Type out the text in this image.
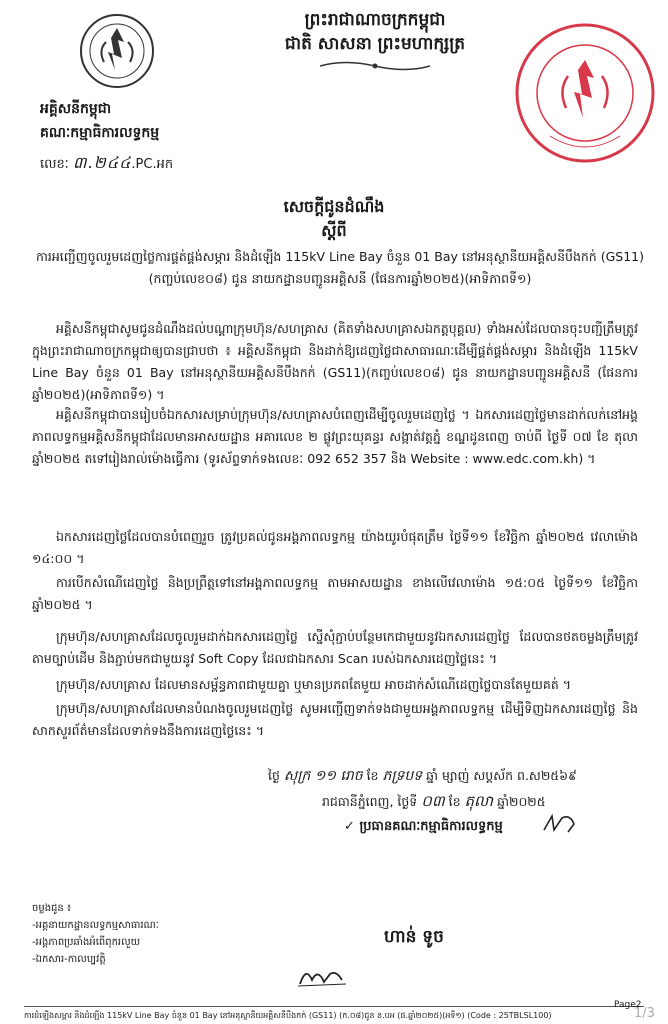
អគ្គិសនីកម្ពុជា
គណៈកម្មាធិការលទ្ធកម្ម
លេខៈ ៣.២៤៤.PC.អក
ព្រះរាជាណាចក្រកម្ពុជា
ជាតិ សាសនា ព្រះមហាក្សត្រ
សេចក្តីជូនដំណឹង
ស្តីពី
ការអញ្ជើញចូលរួមដេញថ្លៃការផ្គត់ផ្គង់សម្ភារ និងដំឡើង 115kV Line Bay ចំនួន 01 Bay នៅអនុស្ថានីយអគ្គិសនីបឹងកក់ (GS11)(កញ្ចប់លេខ០៨) ជូន នាយកដ្ឋានបញ្ជូនអគ្គិសនី (ផែនការឆ្នាំ២០២៥)(អាទិភាពទី១)
អគ្គិសនីកម្ពុជាសូមជូនដំណឹងដល់បណ្តាក្រុមហ៊ុន/សហគ្រាស (គិតទាំងសហគ្រាសឯកត្តបុគ្គល) ទាំងអស់ដែលបានចុះបញ្ជីត្រឹមត្រូវក្នុងព្រះរាជាណាចក្រកម្ពុជាឲ្យបានជ្រាបថា ៖ អគ្គិសនីកម្ពុជា និងដាក់ឱ្យដេញថ្លៃជាសាធារណៈដើម្បីផ្គត់ផ្គង់សម្ភារ និងដំឡើង 115kV Line Bay ចំនួន 01 Bay នៅអនុស្ថានីយអគ្គិសនីបឹងកក់ (GS11)(កញ្ចប់លេខ០៨) ជូន នាយកដ្ឋានបញ្ជូនអគ្គិសនី (ផែនការឆ្នាំ២០២៥)(អាទិភាពទី១) ។
អគ្គិសនីកម្ពុជាបានរៀបចំឯកសារសម្រាប់ក្រុមហ៊ុន/សហគ្រាសបំពេញដើម្បីចូលរួមដេញថ្លៃ ។ ឯកសារដេញថ្លៃមានដាក់លក់នៅអង្គភាពលទ្ធកម្មអគ្គិសនីកម្ពុជាដែលមានអាសយដ្ឋាន អគារលេខ ២ ផ្លូវព្រះយុគន្ធរ សង្កាត់វត្តភ្នំ ខណ្ឌដូនពេញ ចាប់ពី ថ្ងៃទី ០៧ ខែ តុលា ឆ្នាំ២០២៥ តទៅរៀងរាល់ម៉ោងធ្វើការ (ទូរស័ព្ទទាក់ទងលេខៈ 092 652 357 និង Website : www.edc.com.kh) ។
ឯកសារដេញថ្លៃដែលបានបំពេញរួច ត្រូវប្រគល់ជូនអង្គភាពលទ្ធកម្ម យ៉ាងយូរបំផុតត្រឹម ថ្ងៃទី១១ ខែវិច្ឆិកា ឆ្នាំ២០២៥ វេលាម៉ោង ១៤:០០ ។
ការបើកសំណើដេញថ្លៃ និងប្រព្រឹត្តទៅនៅអង្គភាពលទ្ធកម្ម តាមអាសយដ្ឋាន ខាងលើវេលាម៉ោង ១៥:០៥ ថ្ងៃទី១១ ខែវិច្ឆិកា ឆ្នាំ២០២៥ ។
ក្រុមហ៊ុន/សហគ្រាសដែលចូលរួមដាក់ឯកសារដេញថ្លៃ ស្នើសុំភ្ជាប់បន្ថែមកេជាមួយនូវឯកសារដេញថ្លៃ ដែលបានថតចម្លងត្រឹមត្រូវតាមច្បាប់ដើម និងភ្ជាប់មកជាមួយនូវ Soft Copy ដែលជាឯកសារ Scan របស់ឯកសារដេញថ្លៃនេះ ។
ក្រុមហ៊ុន/សហគ្រាស ដែលមានសម្ព័ន្ធភាពជាមួយគ្នា ឬមានប្រភពតែមួយ អាចដាក់សំណើដេញថ្លៃបានតែមួយគត់ ។
ក្រុមហ៊ុន/សហគ្រាសដែលមានបំណងចូលរួមដេញថ្លៃ សូមអញ្ជើញទាក់ទងជាមួយអង្គភាពលទ្ធកម្ម ដើម្បីទិញឯកសារដេញថ្លៃ និងសាកសួរព័ត៌មានដែលទាក់ទងនឹងការដេញថ្លៃនេះ ។
ថ្ងៃ សុក្រ ១១ រោច ខែ ភទ្របទ ឆ្នាំ ម្សាញ់ សប្តស័ក ព.ស២៥៦៩
រាជធានីភ្នំពេញ, ថ្ងៃទី ០៣ ខែ តុលា ឆ្នាំ២០២៥
✓ ប្រធានគណៈកម្មាធិការលទ្ធកម្ម
ចម្លងជូន ៖
-អគ្គនាយកដ្ឋានលទ្ធកម្មសាធារណៈ
-អង្គភាពប្រឆាំងអំពើពុករលួយ
-ឯកសារ-កាលប្បវត្តិ
ហាន់ ទូច
ការដំឡើងសម្ភារ និងដំឡើង 115kV Line Bay ចំនួន 01 Bay នៅអនុស្ថានីយអគ្គិសនីបឹងកក់ (GS11) (ក.០៨)ជូន ន.បអ (ផ.ឆ្នាំ២០២៥)(អទិ១) (Code : 25TBLSL100)
Page2
1/3
